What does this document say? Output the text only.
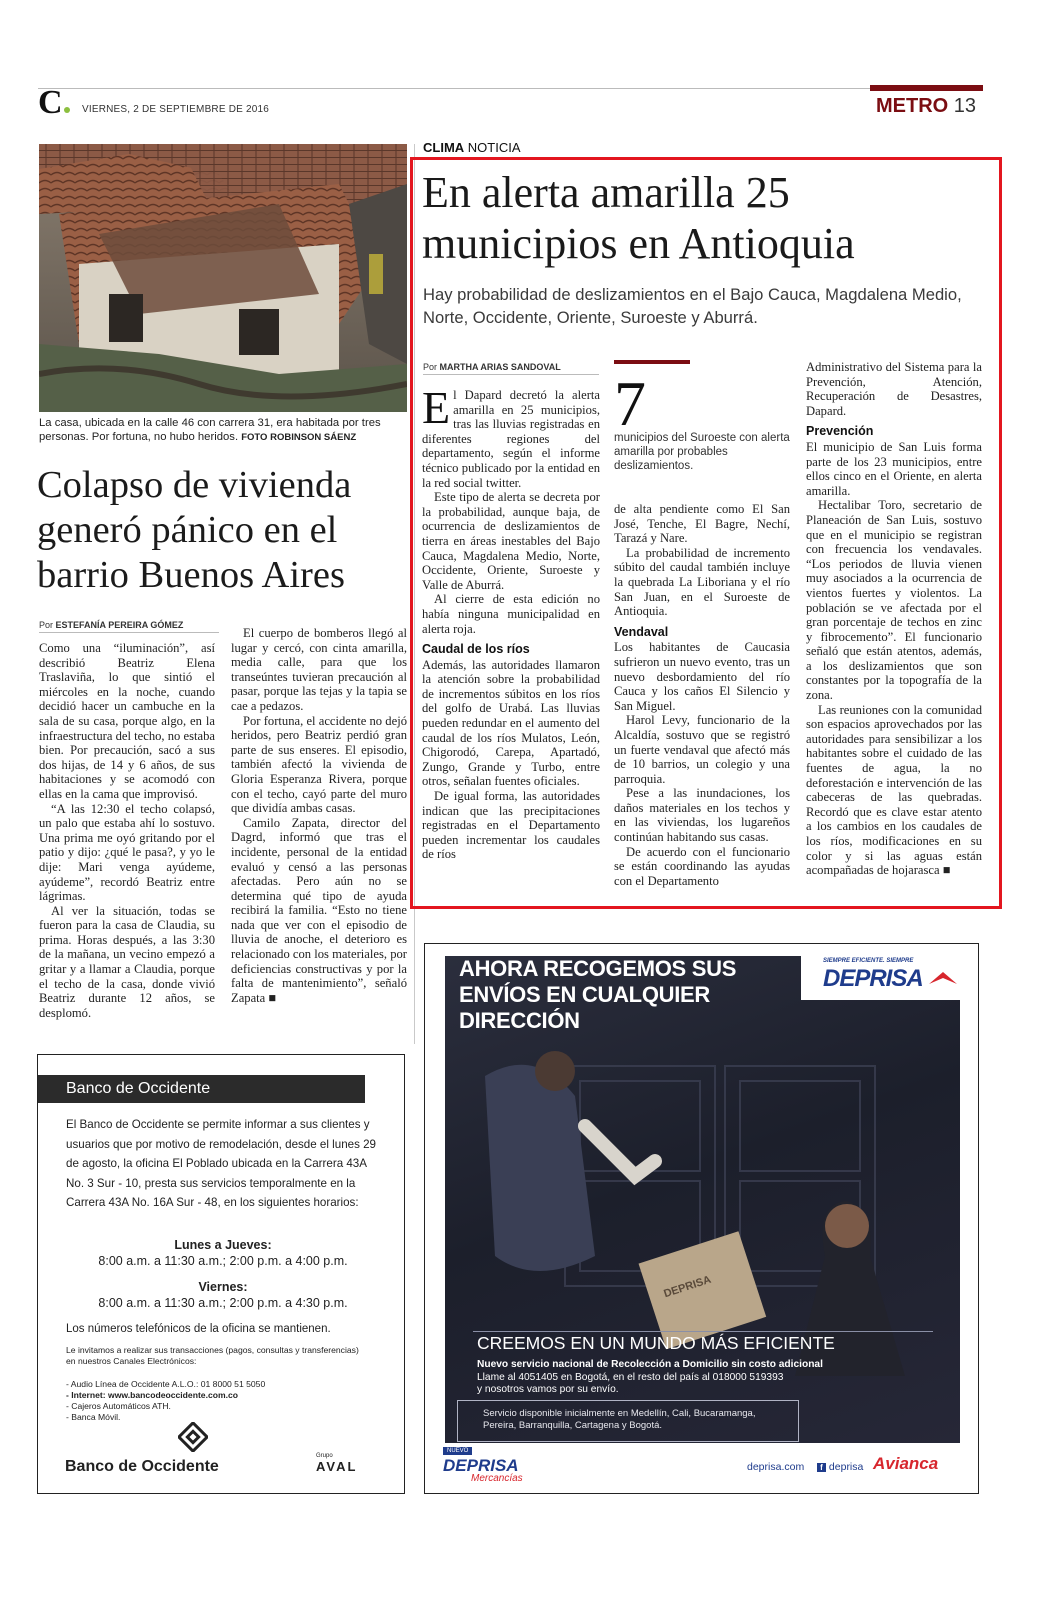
C	VIERNES, 2 DE SEPTIEMBRE DE 2016	METRO 13
La casa, ubicada en la calle 46 con carrera 31, era habitada por tres personas. Por fortuna, no hubo heridos. FOTO ROBINSON SÁENZ
Colapso de vivienda generó pánico en el barrio Buenos Aires
Por ESTEFANÍA PEREIRA GÓMEZ

Como una “iluminación”, así describió Beatriz Elena Traslaviña, lo que sintió el miércoles en la noche, cuando decidió hacer un cambuche en la sala de su casa, porque algo, en la infraestructura del techo, no estaba bien. Por precaución, sacó a sus dos hijas, de 14 y 6 años, de sus habitaciones y se acomodó con ellas en la cama que improvisó.

“A las 12:30 el techo colapsó, un palo que estaba ahí lo sostuvo. Una prima me oyó gritando por el patio y dijo: ¿qué le pasa?, y yo le dije: Mari venga ayúdeme, ayúdeme”, recordó Beatriz entre lágrimas.

Al ver la situación, todas se fueron para la casa de Claudia, su prima. Horas después, a las 3:30 de la mañana, un vecino empezó a gritar y a llamar a Claudia, porque el techo de la casa, donde vivió Beatriz durante 12 años, se desplomó.

El cuerpo de bomberos llegó al lugar y cercó, con cinta amarilla, media calle, para que los transeúntes tuvieran precaución al pasar, porque las tejas y la tapia se cae a pedazos.

Por fortuna, el accidente no dejó heridos, pero Beatriz perdió gran parte de sus enseres. El episodio, también afectó la vivienda de Gloria Esperanza Rivera, porque con el techo, cayó parte del muro que dividía ambas casas.

Camilo Zapata, director del Dagrd, informó que tras el incidente, personal de la entidad evaluó y censó a las personas afectadas. Pero aún no se determina qué tipo de ayuda recibirá la familia. “Esto no tiene nada que ver con el episodio de lluvia de anoche, el deterioro es relacionado con los materiales, por deficiencias constructivas y por la falta de mantenimiento”, señaló Zapata ■

CLIMA NOTICIA
En alerta amarilla 25 municipios en Antioquia
Hay probabilidad de deslizamientos en el Bajo Cauca, Magdalena Medio, Norte, Occidente, Oriente, Suroeste y Aburrá.
Por MARTHA ARIAS SANDOVAL

El Dapard decretó la alerta amarilla en 25 municipios, tras las lluvias registradas en diferentes regiones del departamento, según el informe técnico publicado por la entidad en la red social twitter.

Este tipo de alerta se decreta por la probabilidad, aunque baja, de ocurrencia de deslizamientos de tierra en áreas inestables del Bajo Cauca, Magdalena Medio, Norte, Occidente, Oriente, Suroeste y Valle de Aburrá.

Al cierre de esta edición no había ninguna municipalidad en alerta roja.

Caudal de los ríos

Además, las autoridades llamaron la atención sobre la probabilidad de incrementos súbitos en los ríos del golfo de Urabá. Las lluvias pueden redundar en el aumento del caudal de los ríos Mulatos, León, Chigorodó, Carepa, Apartadó, Zungo, Grande y Turbo, entre otros, señalan fuentes oficiales.

De igual forma, las autoridades indican que las precipitaciones registradas en el Departamento pueden incrementar los caudales de ríos

7
municipios del Suroeste con alerta amarilla por probables deslizamientos.

de alta pendiente como El San José, Tenche, El Bagre, Nechí, Tarazá y Nare.

La probabilidad de incremento súbito del caudal también incluye la quebrada La Liboriana y el río San Juan, en el Suroeste de Antioquia.

Vendaval

Los habitantes de Caucasia sufrieron un nuevo evento, tras un nuevo desbordamiento del río Cauca y los caños El Silencio y San Miguel.

Harol Levy, funcionario de la Alcaldía, sostuvo que se registró un fuerte vendaval que afectó más de 10 barrios, un colegio y una parroquia.

Pese a las inundaciones, los daños materiales en los techos y en las viviendas, los lugareños continúan habitando sus casas.

De acuerdo con el funcionario se están coordinando las ayudas con el Departamento

Administrativo del Sistema para la Prevención, Atención, Recuperación de Desastres, Dapard.

Prevención

El municipio de San Luis forma parte de los 23 municipios, entre ellos cinco en el Oriente, en alerta amarilla.

Hectalibar Toro, secretario de Planeación de San Luis, sostuvo que en el municipio se registran con frecuencia los vendavales. “Los periodos de lluvia vienen muy asociados a la ocurrencia de vientos fuertes y violentos. La población se ve afectada por el gran porcentaje de techos en zinc y fibrocemento”. El funcionario señaló que están atentos, además, a los deslizamientos que son constantes por la topografía de la zona.

Las reuniones con la comunidad son espacios aprovechados por las autoridades para sensibilizar a los habitantes sobre el cuidado de las fuentes de agua, la no deforestación e intervención de las cabeceras de las quebradas. Recordó que es clave estar atento a los cambios en los caudales de los ríos, modificaciones en su color y si las aguas están acompañadas de hojarasca ■

Banco de Occidente
El Banco de Occidente se permite informar a sus clientes y usuarios que por motivo de remodelación, desde el lunes 29 de agosto, la oficina El Poblado ubicada en la Carrera 43A No. 3 Sur - 10, presta sus servicios temporalmente en la Carrera 43A No. 16A Sur - 48, en los siguientes horarios:
Lunes a Jueves:
8:00 a.m. a 11:30 a.m.; 2:00 p.m. a 4:00 p.m.
Viernes:
8:00 a.m. a 11:30 a.m.; 2:00 p.m. a 4:30 p.m.
Los números telefónicos de la oficina se mantienen.
Le invitamos a realizar sus transacciones (pagos, consultas y transferencias) en nuestros Canales Electrónicos:
- Audio Línea de Occidente A.L.O.: 01 8000 51 5050
- Internet: www.bancodeoccidente.com.co
- Cajeros Automáticos ATH.
- Banca Móvil.
Banco de Occidente
Grupo
AVAL
AHORA RECOGEMOS SUS ENVÍOS EN CUALQUIER DIRECCIÓN
DEPRISA
CREEMOS EN UN MUNDO MÁS EFICIENTE
Nuevo servicio nacional de Recolección a Domicilio sin costo adicional
Llame al 4051405 en Bogotá, en el resto del país al 018000 519393
y nosotros vamos por su envío.
Servicio disponible inicialmente en Medellín, Cali, Bucaramanga, Pereira, Barranquilla, Cartagena y Bogotá.
SIEMPRE EFICIENTE. SIEMPRE
DEPRISA
NUEVO
DEPRISA
Mercancías
deprisa.com	f deprisa Avianca
